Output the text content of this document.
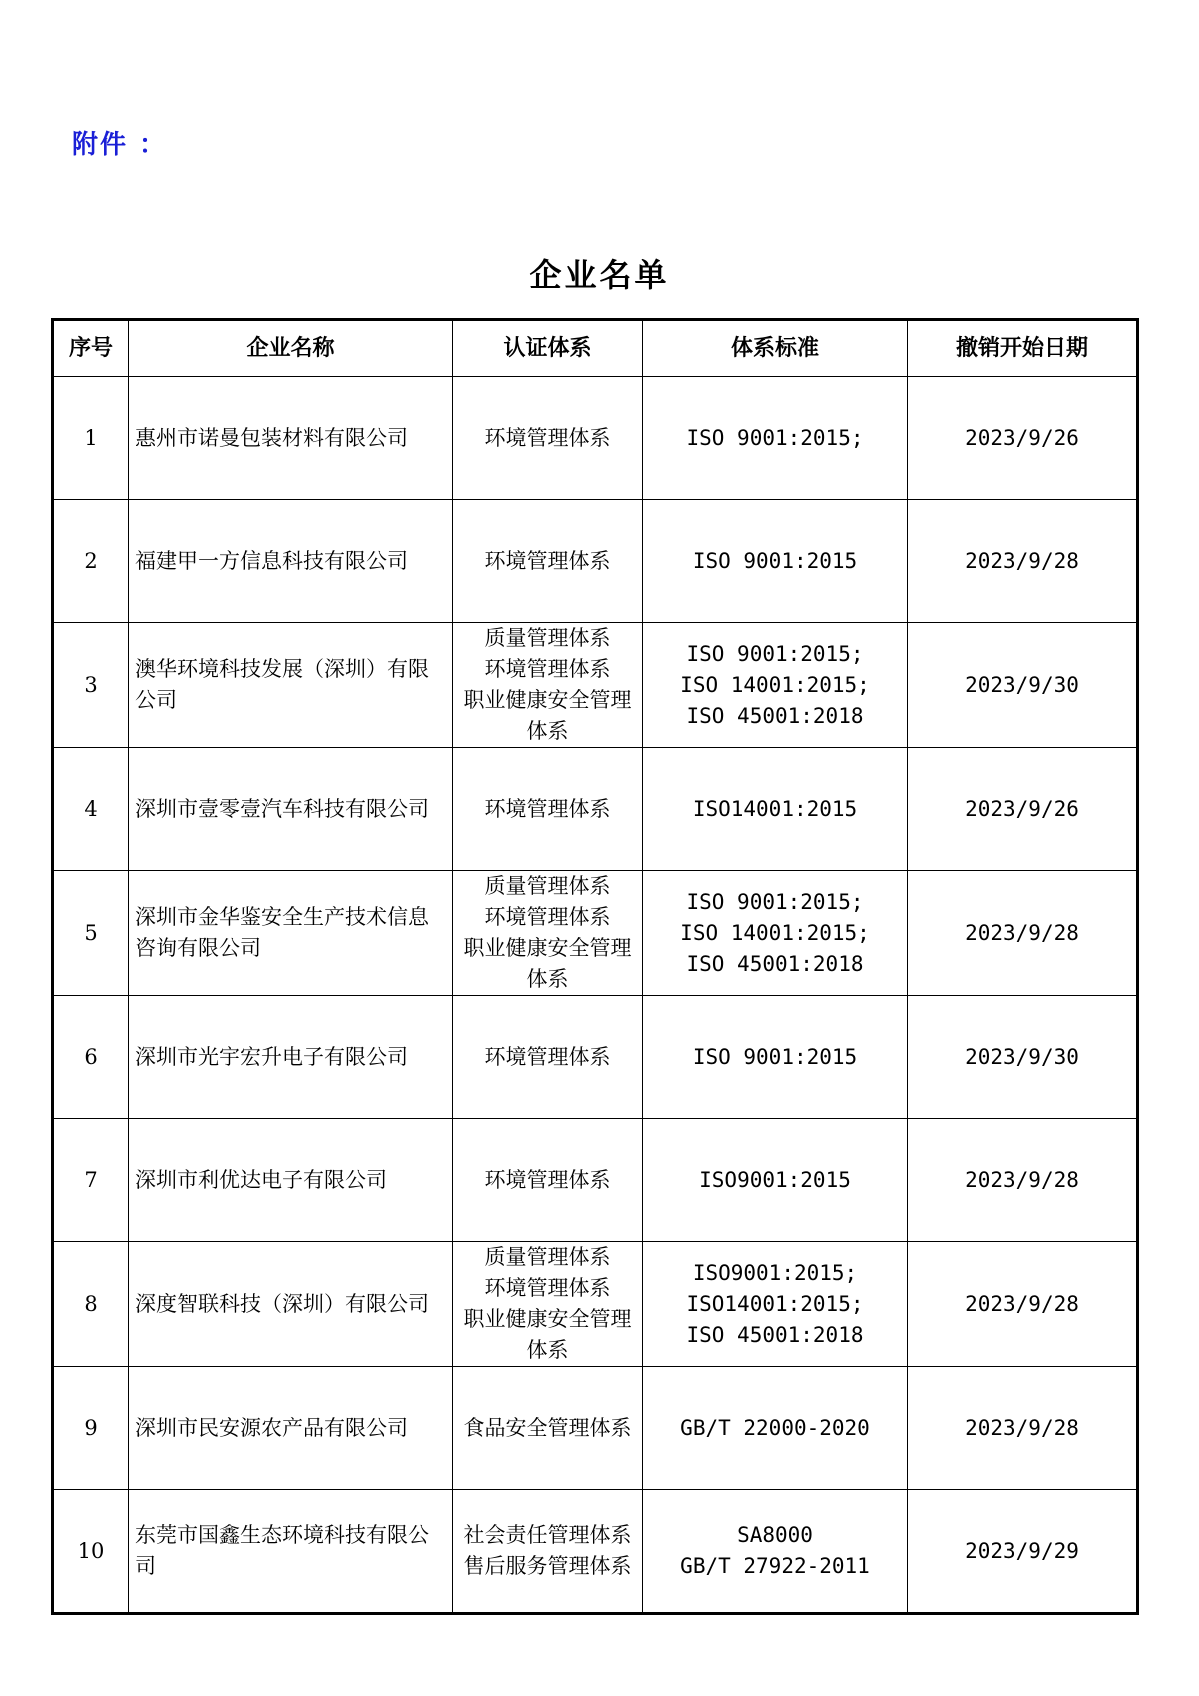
附件 ：
企业名单
序号	企业名称	认证体系	体系标准	撤销开始日期
1	惠州市诺曼包装材料有限公司	环境管理体系	ISO 9001:2015;	2023/9/26
2	福建甲一方信息科技有限公司	环境管理体系	ISO 9001:2015	2023/9/28
3	澳华环境科技发展（深圳）有限公司	质量管理体系
环境管理体系
职业健康安全管理体系	ISO 9001:2015;
ISO 14001:2015;
ISO 45001:2018	2023/9/30
4	深圳市壹零壹汽车科技有限公司	环境管理体系	ISO14001:2015	2023/9/26
5	深圳市金华鉴安全生产技术信息咨询有限公司	质量管理体系
环境管理体系
职业健康安全管理体系	ISO 9001:2015;
ISO 14001:2015;
ISO 45001:2018	2023/9/28
6	深圳市光宇宏升电子有限公司	环境管理体系	ISO 9001:2015	2023/9/30
7	深圳市利优达电子有限公司	环境管理体系	ISO9001:2015	2023/9/28
8	深度智联科技（深圳）有限公司	质量管理体系
环境管理体系
职业健康安全管理体系	ISO9001:2015;
ISO14001:2015;
ISO 45001:2018	2023/9/28
9	深圳市民安源农产品有限公司	食品安全管理体系	GB/T 22000-2020	2023/9/28
10	东莞市国鑫生态环境科技有限公司	社会责任管理体系
售后服务管理体系	SA8000
GB/T 27922-2011	2023/9/29
